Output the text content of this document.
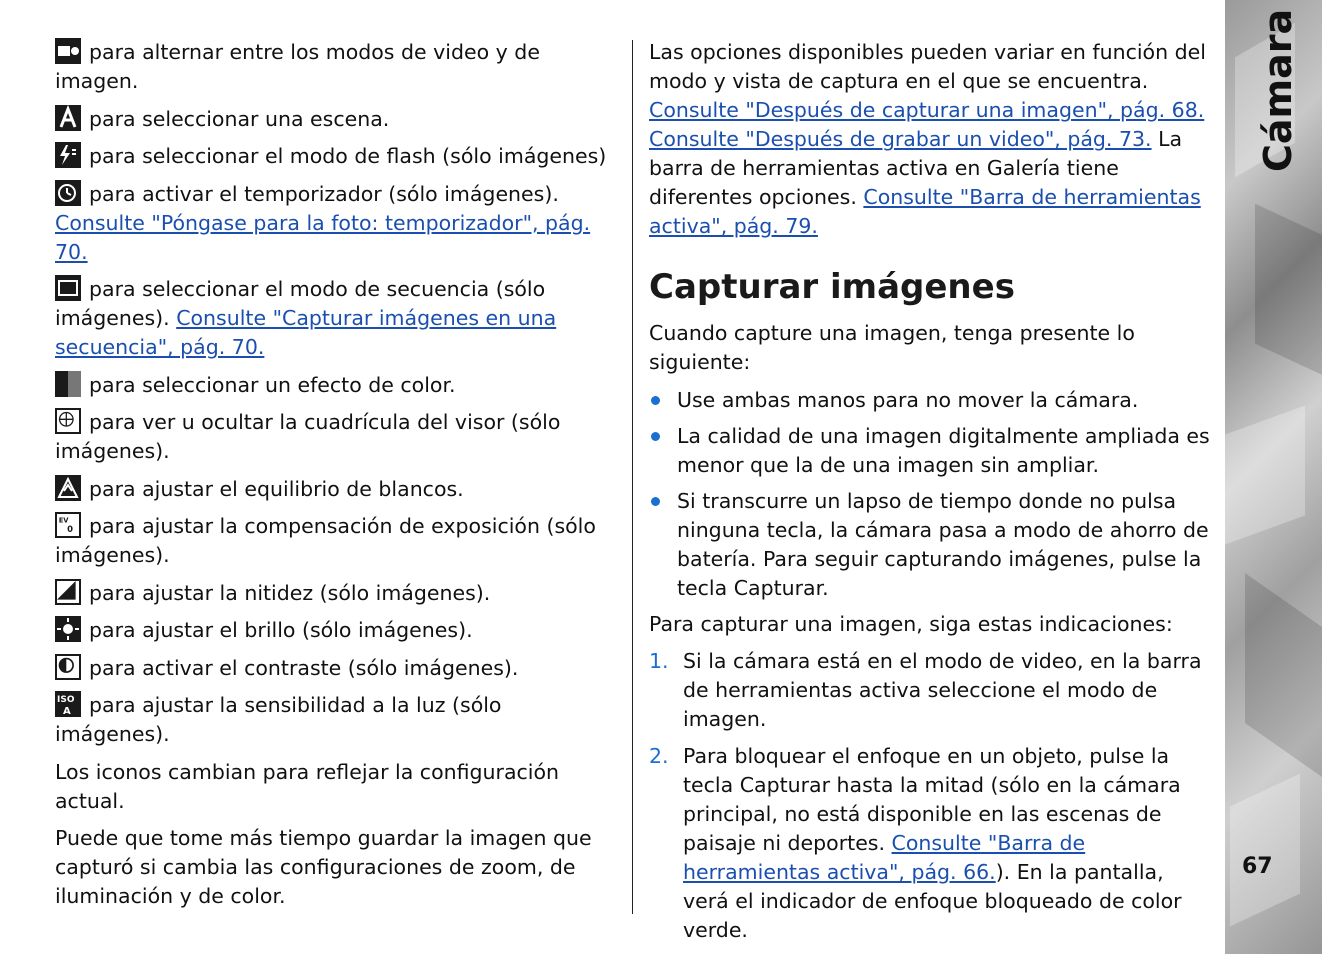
para alternar entre los modos de video y de imagen.
para seleccionar una escena.
para seleccionar el modo de flash (sólo imágenes)
para activar el temporizador (sólo imágenes).
Consulte "Póngase para la foto: temporizador", pág. 70.
para seleccionar el modo de secuencia (sólo imágenes). Consulte "Capturar imágenes en una secuencia", pág. 70.
para seleccionar un efecto de color.
para ver u ocultar la cuadrícula del visor (sólo imágenes).
para ajustar el equilibrio de blancos.
EV
0 para ajustar la compensación de exposición (sólo imágenes).
para ajustar la nitidez (sólo imágenes).
para ajustar el brillo (sólo imágenes).
para activar el contraste (sólo imágenes).
ISO
A para ajustar la sensibilidad a la luz (sólo imágenes).

Los iconos cambian para reflejar la configuración actual.

Puede que tome más tiempo guardar la imagen que capturó si cambia las configuraciones de zoom, de iluminación y de color.

Las opciones disponibles pueden variar en función del modo y vista de captura en el que se encuentra. Consulte "Después de capturar una imagen", pág. 68. Consulte "Después de grabar un video", pág. 73. La barra de herramientas activa en Galería tiene diferentes opciones. Consulte "Barra de herramientas activa", pág. 79.

Capturar imágenes

Cuando capture una imagen, tenga presente lo siguiente:

Use ambas manos para no mover la cámara.
La calidad de una imagen digitalmente ampliada es menor que la de una imagen sin ampliar.
Si transcurre un lapso de tiempo donde no pulsa ninguna tecla, la cámara pasa a modo de ahorro de batería. Para seguir capturando imágenes, pulse la tecla Capturar.

Para capturar una imagen, siga estas indicaciones:

1. Si la cámara está en el modo de video, en la barra de herramientas activa seleccione el modo de imagen.
2. Para bloquear el enfoque en un objeto, pulse la tecla Capturar hasta la mitad (sólo en la cámara principal, no está disponible en las escenas de paisaje ni deportes. Consulte "Barra de herramientas activa", pág. 66.). En la pantalla, verá el indicador de enfoque bloqueado de color verde.
67
